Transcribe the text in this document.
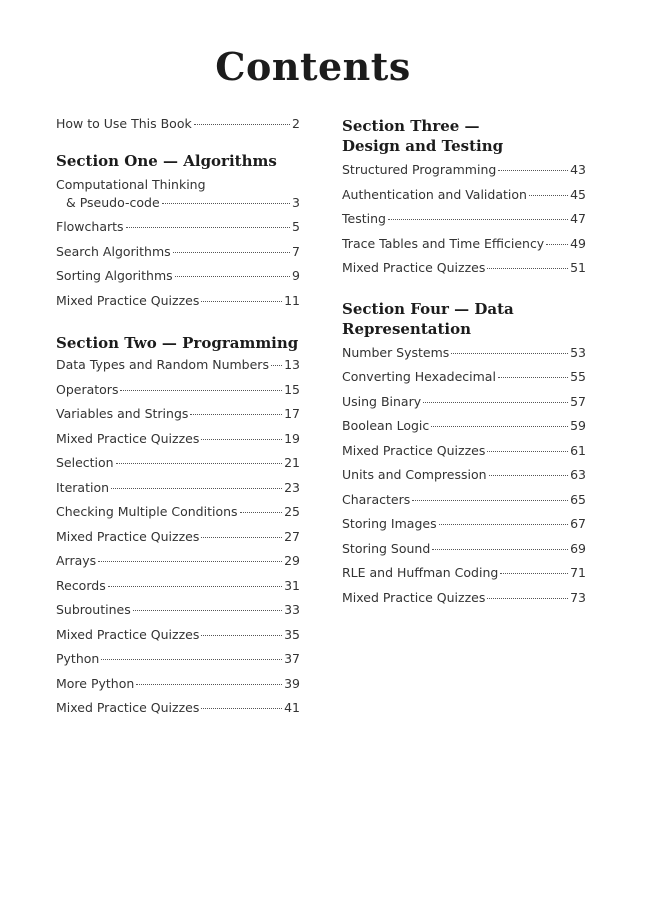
Contents
How to Use This Book	2
Section One — Algorithms
Computational Thinking
& Pseudo-code	3
Flowcharts	5
Search Algorithms	7
Sorting Algorithms	9
Mixed Practice Quizzes	11
Section Two — Programming
Data Types and Random Numbers 13
Operators	15
Variables and Strings	17
Mixed Practice Quizzes	19
Selection	21
Iteration	23
Checking Multiple Conditions	25
Mixed Practice Quizzes	27
Arrays	29
Records	31
Subroutines	33
Mixed Practice Quizzes	35
Python	37
More Python	39
Mixed Practice Quizzes	41
Section Three —
Design and Testing
Structured Programming	43
Authentication and Validation	45
Testing	47
Trace Tables and Time Efficiency 49
Mixed Practice Quizzes	51
Section Four — Data
Representation
Number Systems	53
Converting Hexadecimal	55
Using Binary	57
Boolean Logic	59
Mixed Practice Quizzes	61
Units and Compression	63
Characters	65
Storing Images	67
Storing Sound	69
RLE and Huffman Coding	71
Mixed Practice Quizzes	73
